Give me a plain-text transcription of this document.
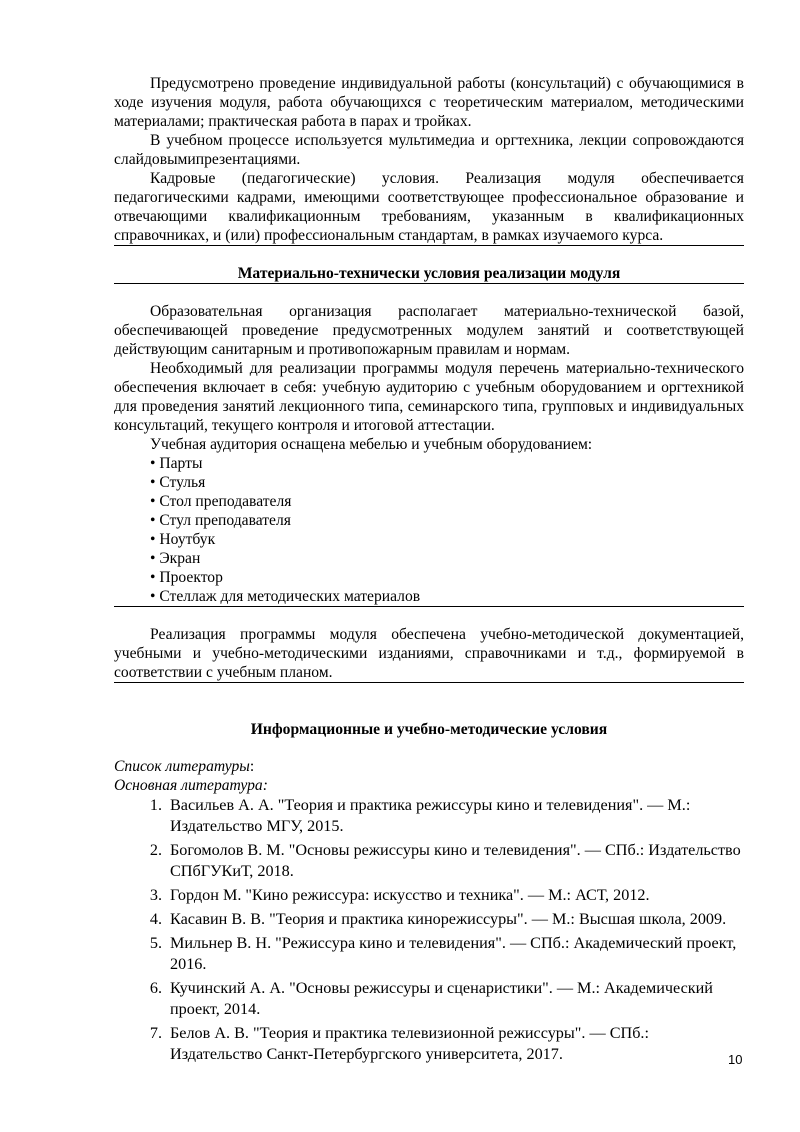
Предусмотрено проведение индивидуальной работы (консультаций) с обучающимися в ходе изучения модуля, работа обучающихся с теоретическим материалом, методическими материалами; практическая работа в парах и тройках.

В учебном процессе используется мультимедиа и оргтехника, лекции сопровождаются слайдовымипрезентациями.

Кадровые (педагогические) условия. Реализация модуля обеспечивается педагогическими кадрами, имеющими соответствующее профессиональное образование и отвечающими квалификационным требованиям, указанным в квалификационных справочниках, и (или) профессиональным стандартам, в рамках изучаемого курса.

Материально-технически условия реализации модуля

Образовательная организация располагает материально-технической базой, обеспечивающей проведение предусмотренных модулем занятий и соответствующей действующим санитарным и противопожарным правилам и нормам.

Необходимый для реализации программы модуля перечень материально-технического обеспечения включает в себя: учебную аудиторию с учебным оборудованием и оргтехникой для проведения занятий лекционного типа, семинарского типа, групповых и индивидуальных консультаций, текущего контроля и итоговой аттестации.

Учебная аудитория оснащена мебелью и учебным оборудованием:

• Парты
• Стулья
• Стол преподавателя
• Стул преподавателя
• Ноутбук
• Экран
• Проектор
• Стеллаж для методических материалов

Реализация программы модуля обеспечена учебно-методической документацией, учебными и учебно-методическими изданиями, справочниками и т.д., формируемой в соответствии с учебным планом.

Информационные и учебно-методические условия

Список литературы:

Основная литература:

1. Васильев А. А. "Теория и практика режиссуры кино и телевидения". — М.: Издательство МГУ, 2015.
2. Богомолов В. М. "Основы режиссуры кино и телевидения". — СПб.: Издательство СПбГУКиТ, 2018.
3. Гордон М. "Кино режиссура: искусство и техника". — М.: АСТ, 2012.
4. Касавин В. В. "Теория и практика кинорежиссуры". — М.: Высшая школа, 2009.
5. Мильнер В. Н. "Режиссура кино и телевидения". — СПб.: Академический проект, 2016.
6. Кучинский А. А. "Основы режиссуры и сценаристики". — М.: Академический проект, 2014.
7. Белов А. В. "Теория и практика телевизионной режиссуры". — СПб.: Издательство Санкт-Петербургского университета, 2017.	10
